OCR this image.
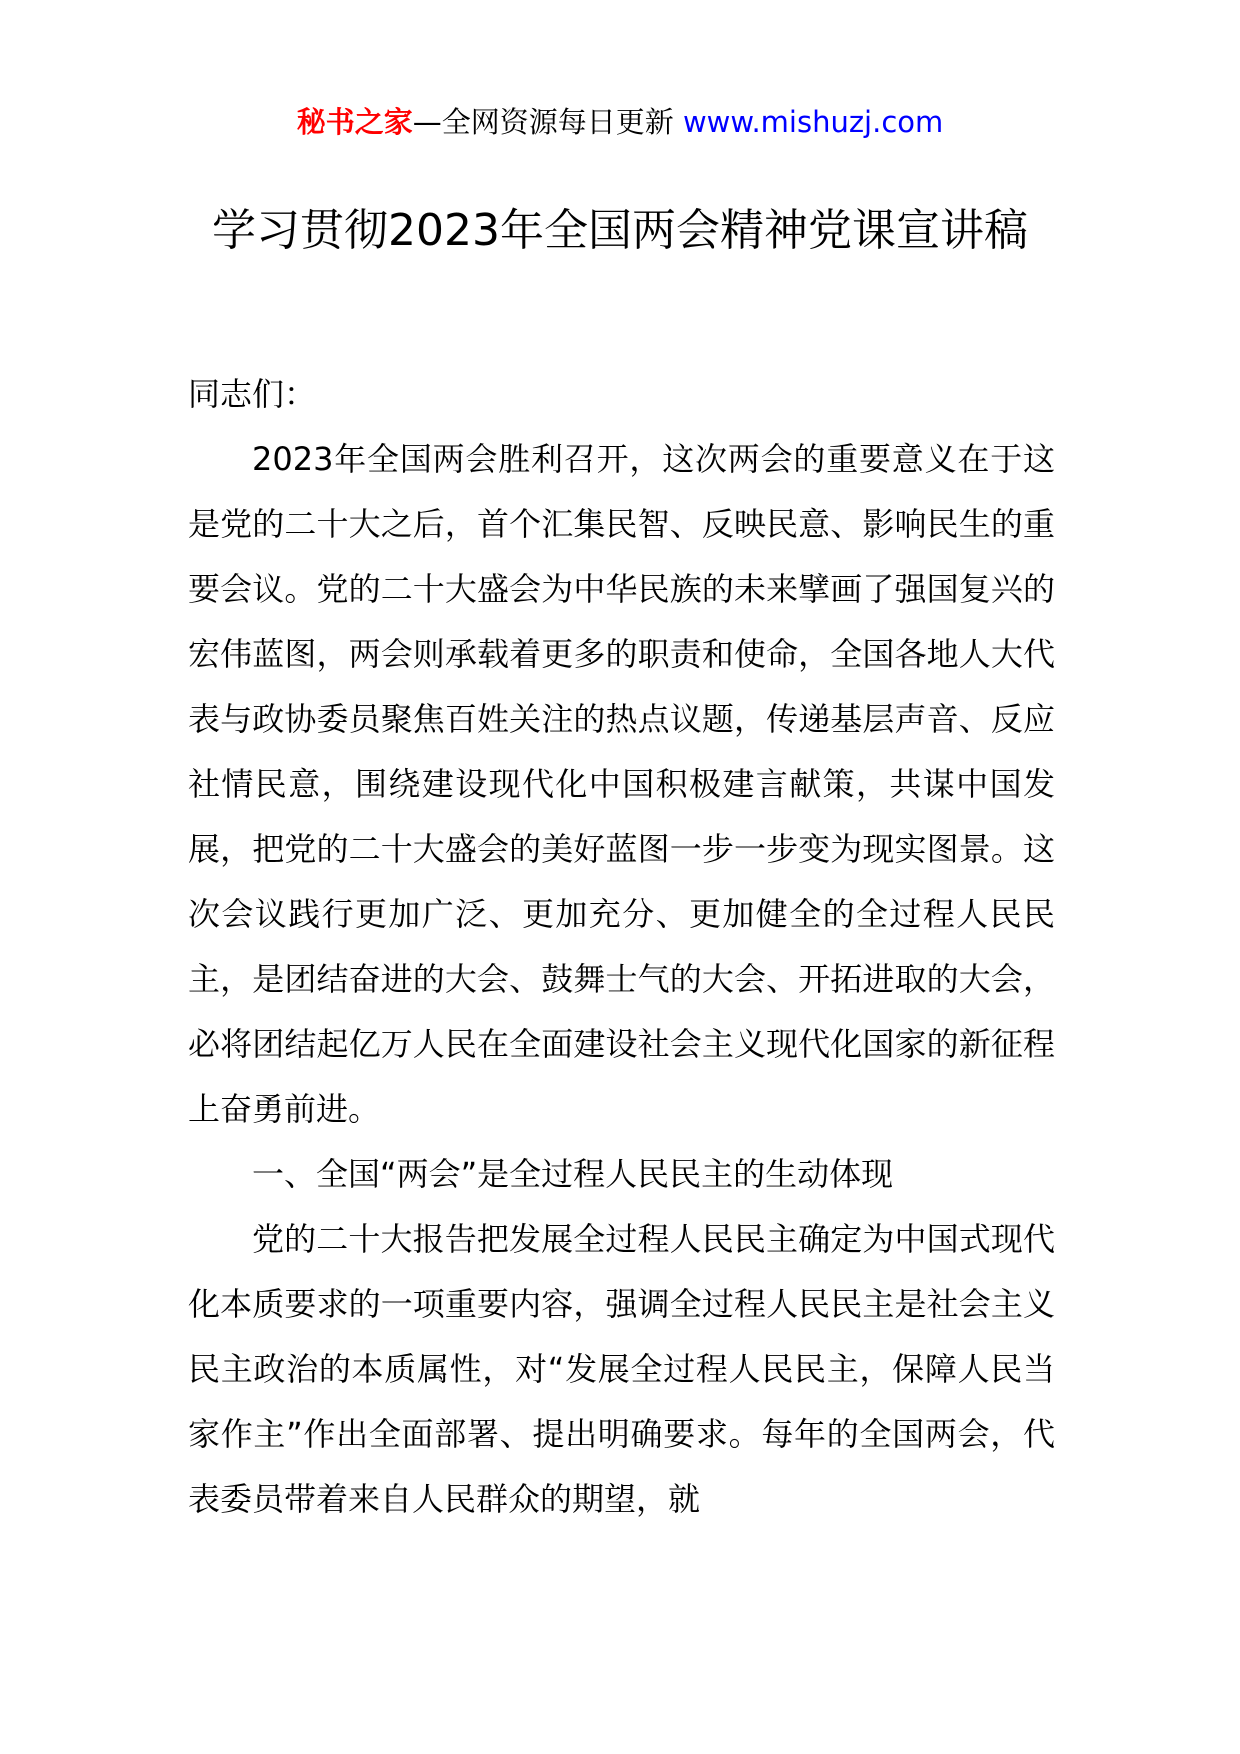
秘书之家—全网资源每日更新 www.mishuzj.com
学习贯彻2023年全国两会精神党课宣讲稿

同志们：

2023年全国两会胜利召开，这次两会的重要意义在于这是党的二十大之后，首个汇集民智、反映民意、影响民生的重要会议。党的二十大盛会为中华民族的未来擘画了强国复兴的宏伟蓝图，两会则承载着更多的职责和使命，全国各地人大代表与政协委员聚焦百姓关注的热点议题，传递基层声音、反应社情民意，围绕建设现代化中国积极建言献策，共谋中国发展，把党的二十大盛会的美好蓝图一步一步变为现实图景。这次会议践行更加广泛、更加充分、更加健全的全过程人民民主，是团结奋进的大会、鼓舞士气的大会、开拓进取的大会，必将团结起亿万人民在全面建设社会主义现代化国家的新征程上奋勇前进。

一、全国“两会”是全过程人民民主的生动体现

党的二十大报告把发展全过程人民民主确定为中国式现代化本质要求的一项重要内容，强调全过程人民民主是社会主义民主政治的本质属性，对“发展全过程人民民主，保障人民当家作主”作出全面部署、提出明确要求。每年的全国两会，代表委员带着来自人民群众的期望，就
